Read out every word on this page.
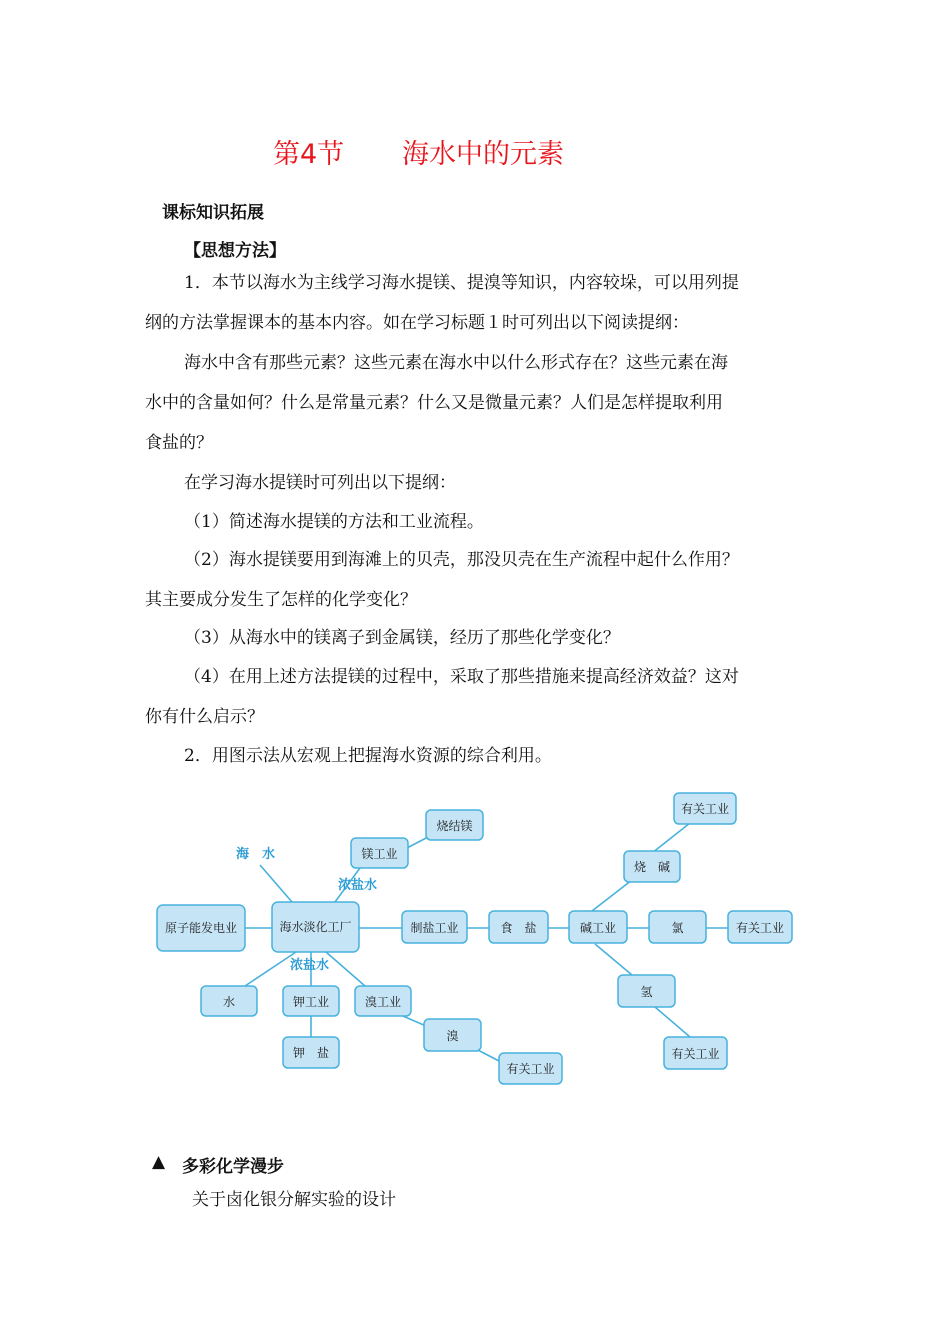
第4节 海水中的元素
课标知识拓展
【思想方法】
1．本节以海水为主线学习海水提镁、提溴等知识，内容较垛，可以用列提
纲的方法掌握课本的基本内容。如在学习标题１时可列出以下阅读提纲：
海水中含有那些元素？这些元素在海水中以什么形式存在？这些元素在海
水中的含量如何？什么是常量元素？什么又是微量元素？人们是怎样提取利用
食盐的？
在学习海水提镁时可列出以下提纲：
（1）简述海水提镁的方法和工业流程。
（2）海水提镁要用到海滩上的贝壳，那没贝壳在生产流程中起什么作用？
其主要成分发生了怎样的化学变化？
（3）从海水中的镁离子到金属镁，经历了那些化学变化？
（4）在用上述方法提镁的过程中，采取了那些措施来提高经济效益？这对
你有什么启示？
2．用图示法从宏观上把握海水资源的综合利用。
海　水
浓盐水
浓盐水
烧结镁
镁工业
原子能发电业	海水淡化工厂	制盐工业	食　盐	碱工业
烧　碱
有关工业
氯	有关工业
氢
有关工业
水	钾工业	溴工业
钾　盐
溴
有关工业
▲ 多彩化学漫步
关于卤化银分解实验的设计
